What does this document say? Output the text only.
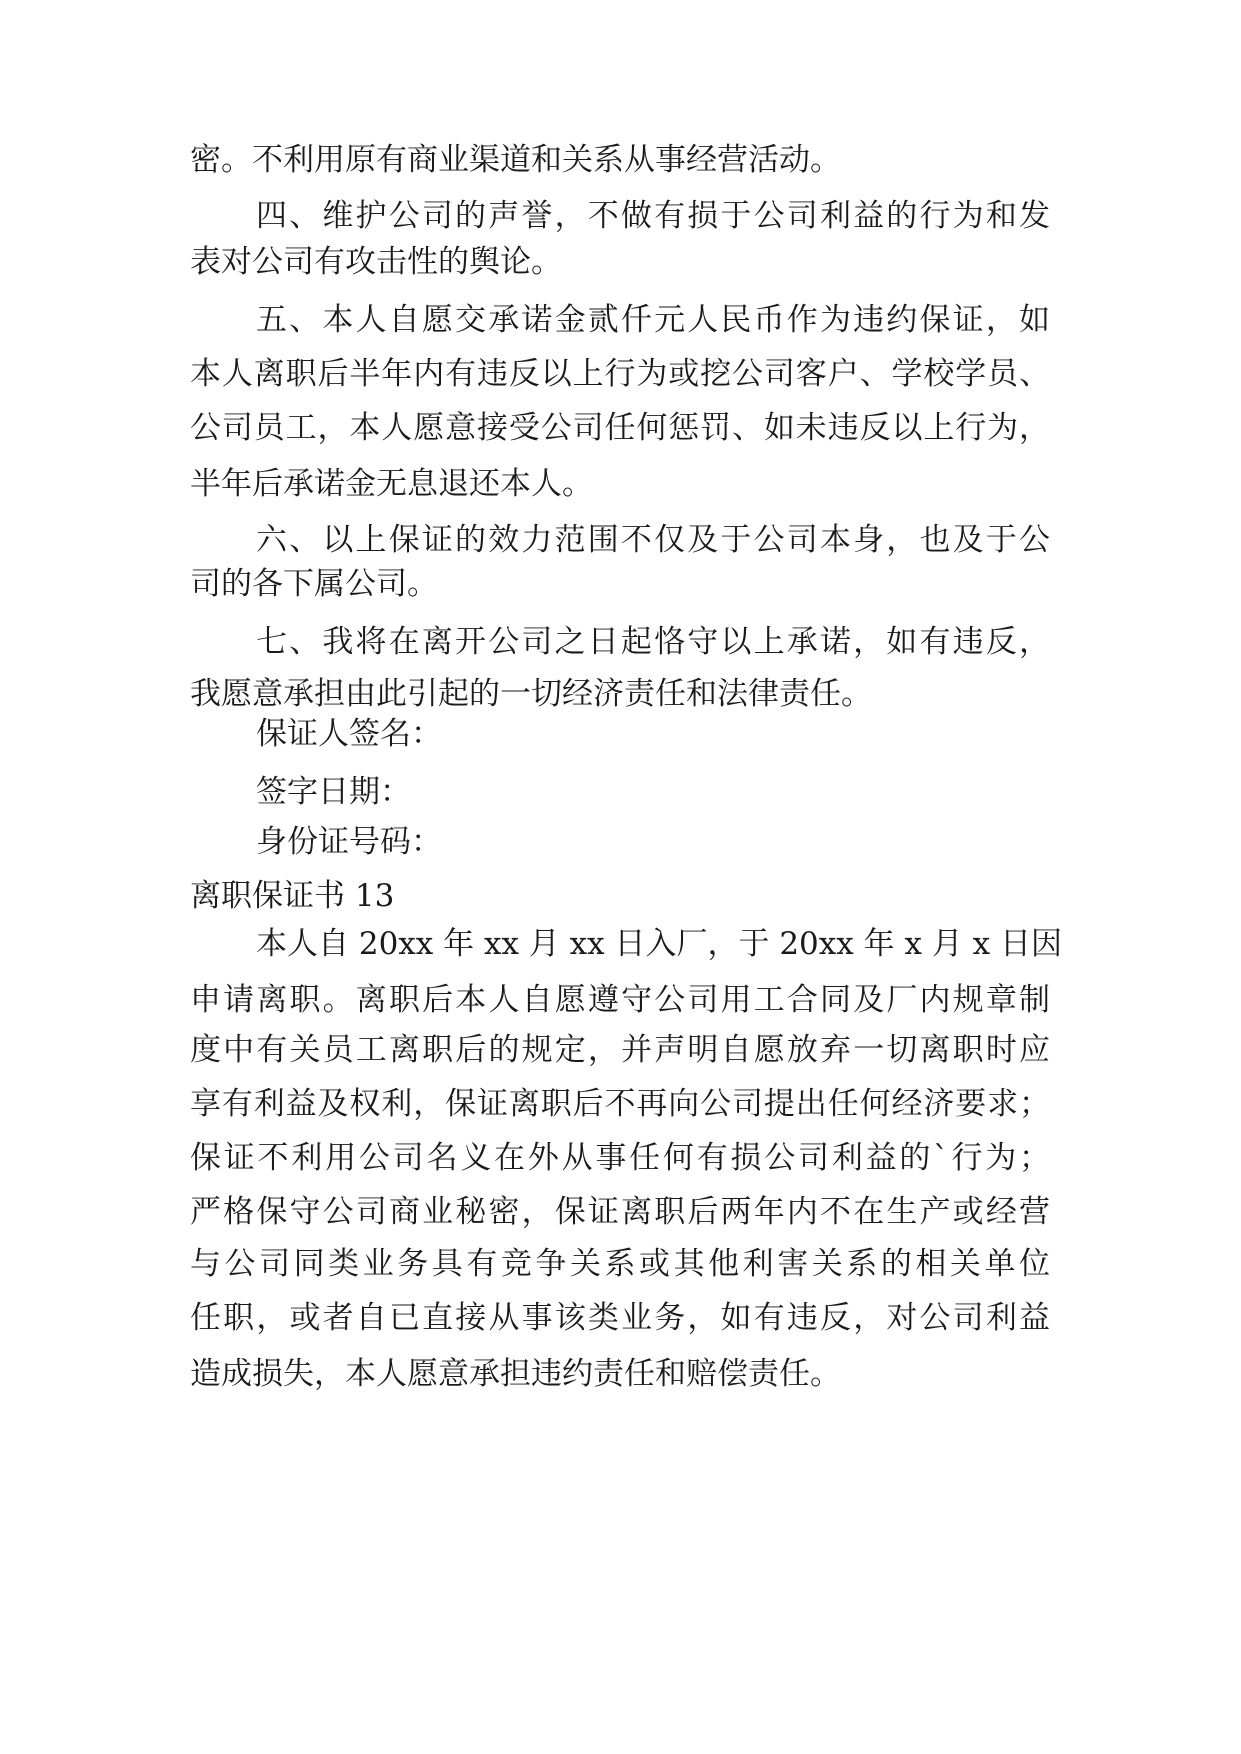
密。不利用原有商业渠道和关系从事经营活动。

四、维护公司的声誉，不做有损于公司利益的行为和发

表对公司有攻击性的舆论。

五、本人自愿交承诺金贰仟元人民币作为违约保证，如

本人离职后半年内有违反以上行为或挖公司客户、学校学员、

公司员工，本人愿意接受公司任何惩罚、如未违反以上行为，

半年后承诺金无息退还本人。

六、以上保证的效力范围不仅及于公司本身，也及于公

司的各下属公司。

七、我将在离开公司之日起恪守以上承诺，如有违反，

我愿意承担由此引起的一切经济责任和法律责任。

保证人签名：

签字日期：

身份证号码：

离职保证书 13

本人自 20xx 年 xx 月 xx 日入厂，于 20xx 年 x 月 x 日因

申请离职。离职后本人自愿遵守公司用工合同及厂内规章制

度中有关员工离职后的规定，并声明自愿放弃一切离职时应

享有利益及权利，保证离职后不再向公司提出任何经济要求；

保证不利用公司名义在外从事任何有损公司利益的`行为；

严格保守公司商业秘密，保证离职后两年内不在生产或经营

与公司同类业务具有竞争关系或其他利害关系的相关单位

任职，或者自已直接从事该类业务，如有违反，对公司利益

造成损失，本人愿意承担违约责任和赔偿责任。
